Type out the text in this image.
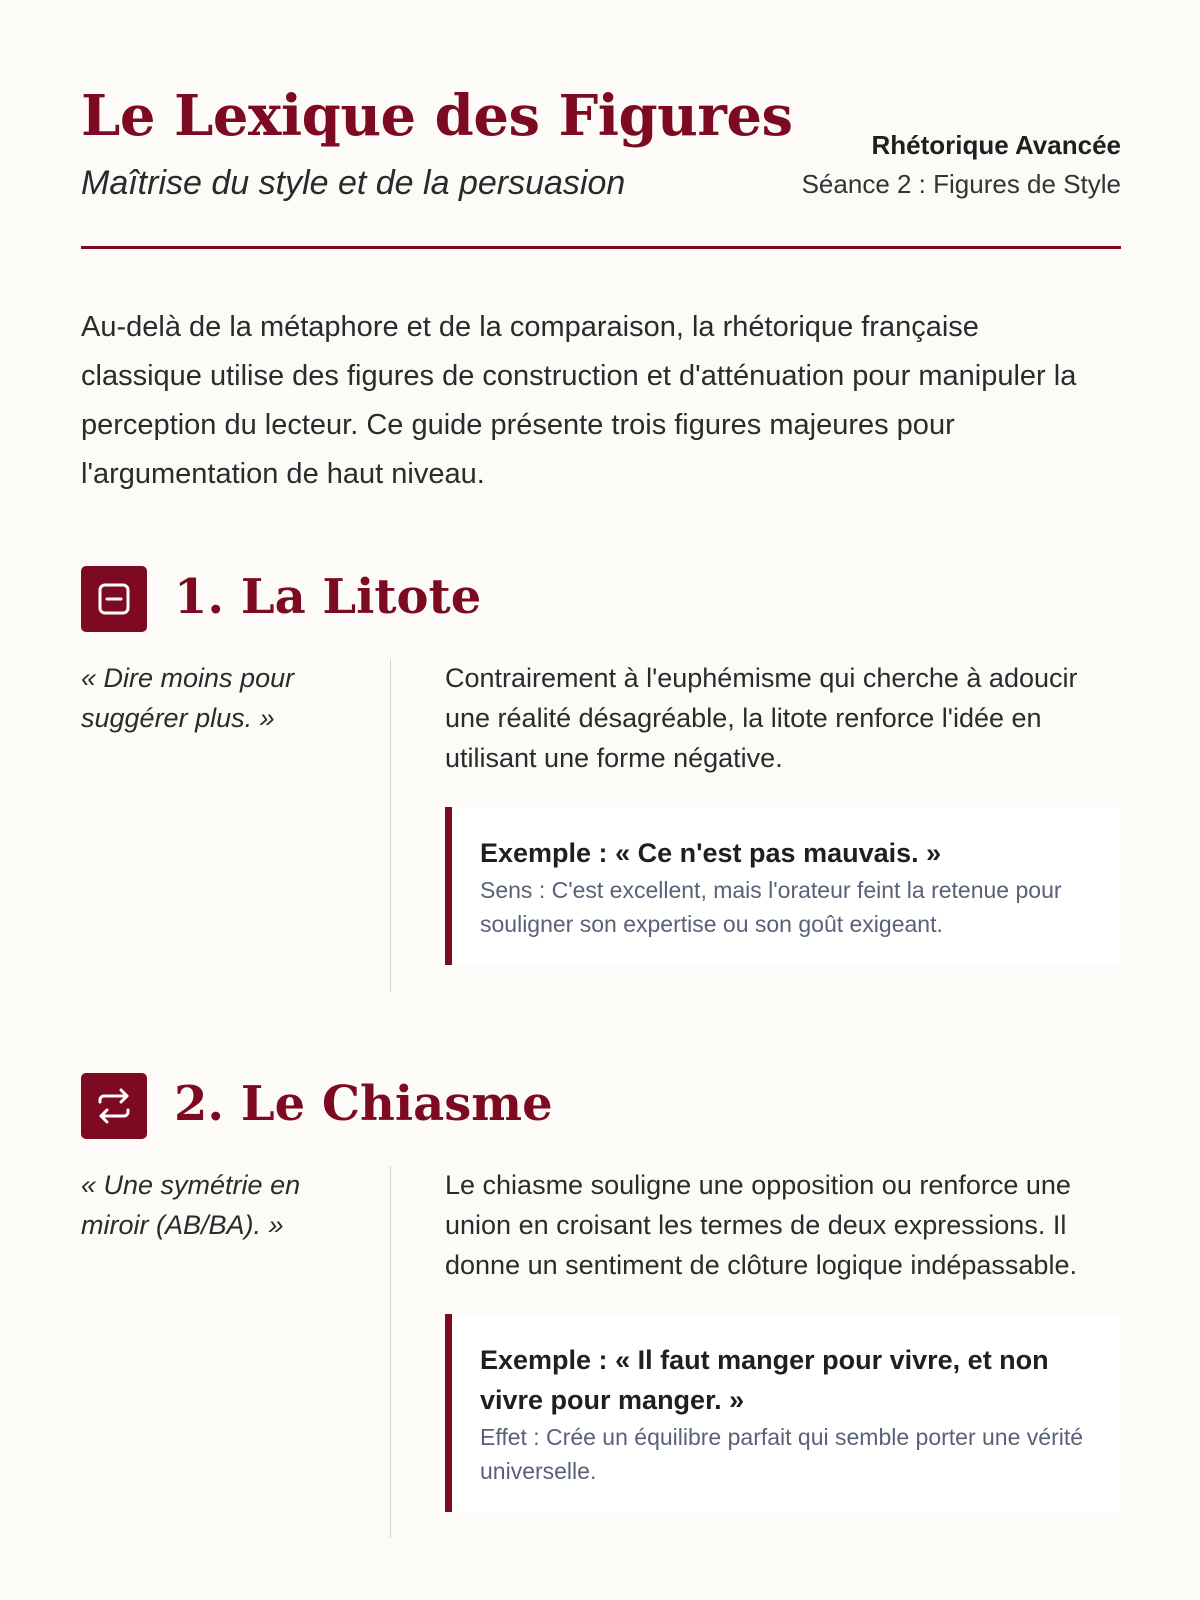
Le Lexique des Figures

Maîtrise du style et de la persuasion

Rhétorique Avancée
Séance 2 : Figures de Style

Au-delà de la métaphore et de la comparaison, la rhétorique française classique utilise des figures de construction et d'atténuation pour manipuler la perception du lecteur. Ce guide présente trois figures majeures pour l'argumentation de haut niveau.

1. La Litote

« Dire moins pour suggérer plus. »

Contrairement à l'euphémisme qui cherche à adoucir une réalité désagréable, la litote renforce l'idée en utilisant une forme négative.

Exemple : « Ce n'est pas mauvais. »
Sens : C'est excellent, mais l'orateur feint la retenue pour souligner son expertise ou son goût exigeant.
2. Le Chiasme

« Une symétrie en miroir (AB/BA). »

Le chiasme souligne une opposition ou renforce une union en croisant les termes de deux expressions. Il donne un sentiment de clôture logique indépassable.

Exemple : « Il faut manger pour vivre, et non vivre pour manger. »
Effet : Crée un équilibre parfait qui semble porter une vérité universelle.
